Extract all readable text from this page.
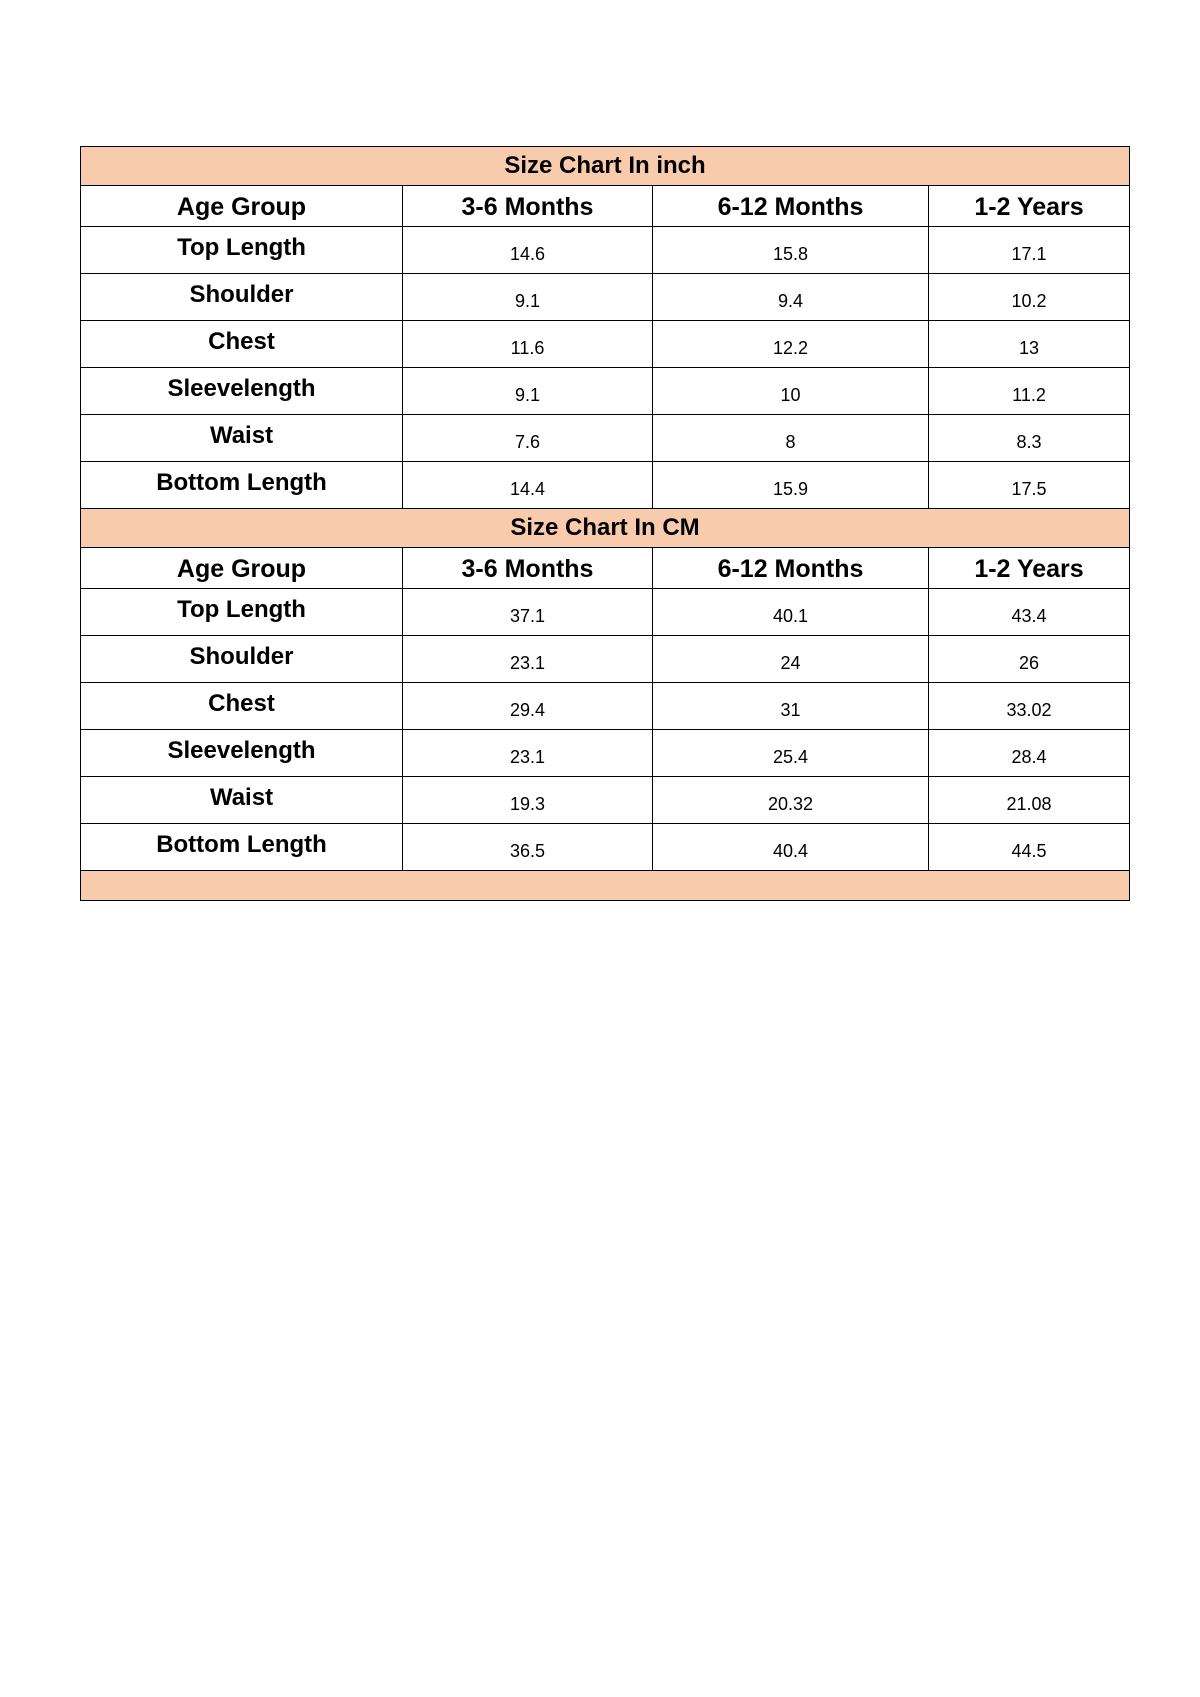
Size Chart In inch			
Age Group	3-6 Months	6-12 Months	1-2 Years
Top Length	14.6	15.8	17.1
Shoulder	9.1	9.4	10.2
Chest	11.6	12.2	13
Sleevelength	9.1	10	11.2
Waist	7.6	8	8.3
Bottom Length	14.4	15.9	17.5
Size Chart In CM			
Age Group	3-6 Months	6-12 Months	1-2 Years
Top Length	37.1	40.1	43.4
Shoulder	23.1	24	26
Chest	29.4	31	33.02
Sleevelength	23.1	25.4	28.4
Waist	19.3	20.32	21.08
Bottom Length	36.5	40.4	44.5
